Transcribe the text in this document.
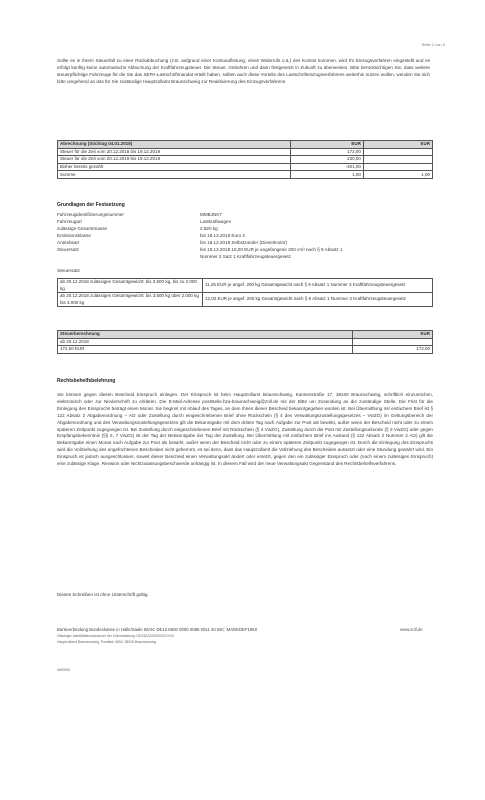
Seite 2 von 3
Sollte es in Ihrem Steuerfall zu einer Rückabbuchung (z.B. aufgrund einer Kontoauflösung, eines Widerrufs o.ä.) des Kontos kommen, wird Ihr Einzugsverfahren eingestellt und es erfolgt künftig keine automatische Abbuchung der Kraftfahrzeugsteuer. Die Steuer, Gebühren und dann festgesetzt in Zukunft zu überweisen. Bitte berücksichtigen Sie, dass weitere steuerpflichtige Fahrzeuge für die Sie das SEPA-Lastschriftmandat erteilt haben, sollten auch diese Vorteile des Lastschrifteinzugsverfahrens weiterhin nutzen wollen, wenden Sie sich bitte umgehend an das für Sie zuständige Hauptzollamt Braunschweig zur Reaktivierung des Einzugsverfahrens.
Abrechnung (Stichtag 04.01.2019)	EUR	EUR
Steuer für die Zeit vom 20.12.2018 bis 19.12.2019	172,00	
Steuer für die Zeit vom 20.12.2019 bis 19.12.2019	230,00	
Bisher bereits gezahlt	-401,00	
Summe	1,00	1,00
Grundlagen der Festsetzung
Fahrzeugidentifizierungsnummer	MMBJNK7
Fahrzeugart	Lastkraftwagen
zulässige Gesamtmasse	2.820 kg
Emissionsklasse	bis 18.12.2018 Euro 2
Antriebsart	bis 18.12.2018 Selbstzünder (Dieselmotor)
Steuersatz	bis 18.12.2018 18,00 EUR je angefangene 200 cm³ nach § 9 Absatz 1
Nummer 2 Satz 1 Kraftfahrzeugsteuergesetz
Steuersatz
ab 20.12.2018 zulässiges Gesamtgewicht: bis 3.500 kg, bis zu 2.000 kg	11,25 EUR je angef. 200 kg Gesamtgewicht nach § 9 Absatz 1 Nummer 3 Kraftfahrzeugsteuergesetz
ab 20.12.2018 zulässiges Gesamtgewicht: bis 3.500 kg über 2.000 kg bis 3.000 kg	12,02 EUR je angef. 200 kg Gesamtgewicht nach § 9 Absatz 1 Nummer 3 Kraftfahrzeugsteuergesetz
Steuerberechnung	EUR
ab 20.12.2018	
172,00 EUR	172,00
Rechtsbehelfsbelehrung
Sie können gegen diesen Bescheid Einspruch einlegen. Der Einspruch ist beim Hauptzollamt Braunschweig, Kannenstraße 17, 38100 Braunschweig, schriftlich einzureichen, elektronisch oder zur Niederschrift zu erklären. Die E-Mail-Adresse poststelle.hza-braunschweig@zoll.de mit der Bitte um Zusendung an die zuständige Stelle. Die Frist für die Einlegung des Einspruchs beträgt einen Monat. Sie beginnt mit Ablauf des Tages, an dem Ihnen dieser Bescheid bekanntgegeben worden ist. Bei Übermittlung mit einfachem Brief ist § 122 Absatz 2 Abgabenordnung – AO oder Zustellung durch eingeschriebenen Brief ohne Rückschein (§ 4 des Verwaltungszustellungsgesetzes – VwZG) im Geltungsbereich der Abgabenordnung und des Verwaltungszustellungsgesetzes gilt die Bekanntgabe mit dem dritten Tag nach Aufgabe zur Post als bewirkt, außer wenn der Bescheid nicht oder zu einem späteren Zeitpunkt zugegangen ist. Bei Zustellung durch eingeschriebenen Brief mit Rückschein (§ 4 VwZG), Zustellung durch die Post mit Zustellungsurkunde (§ 3 VwZG) oder gegen Empfangsbekenntnis (§§ 5, 7 VwZG) ist der Tag der Bekanntgabe der Tag der Zustellung. Bei Übermittlung mit einfachem Brief ins Ausland (§ 122 Absatz 2 Nummer 2 AO) gilt die Bekanntgabe einen Monat nach Aufgabe zur Post als bewirkt, außer wenn der Bescheid nicht oder zu einem späteren Zeitpunkt zugegangen ist. Durch die Einlegung des Einspruchs wird die Vollziehung des angefochtenen Bescheides nicht gehemmt, es sei denn, dass das Hauptzollamt die Vollziehung des Bescheides aussetzt oder eine Stundung gewährt wird. Ein Einspruch ist jedoch ausgeschlossen, soweit dieser Bescheid einen Verwaltungsakt ändert oder ersetzt, gegen den ein zulässiger Einspruch oder (nach einem zulässigen Einspruch) eine zulässige Klage, Revision oder Nichtzulassungsbeschwerde anhängig ist. In diesem Fall wird der neue Verwaltungsakt Gegenstand des Rechtsbehelfsverfahrens.
Dieses Schreiben ist ohne Unterschrift gültig.
Bankverbindung Bundeskasse in Halle/Saale IBAN: DE12 8600 0000 0086 0011 20 BIC: MARKDEF1860	www.zoll.de
Gläubiger-Identifikationsnummer der Zollverwaltung: DE43ZZZ00000XXXXXX
Hauptzollamt Braunschweig, Postfach 3653, 38026 Braunschweig
0800052
